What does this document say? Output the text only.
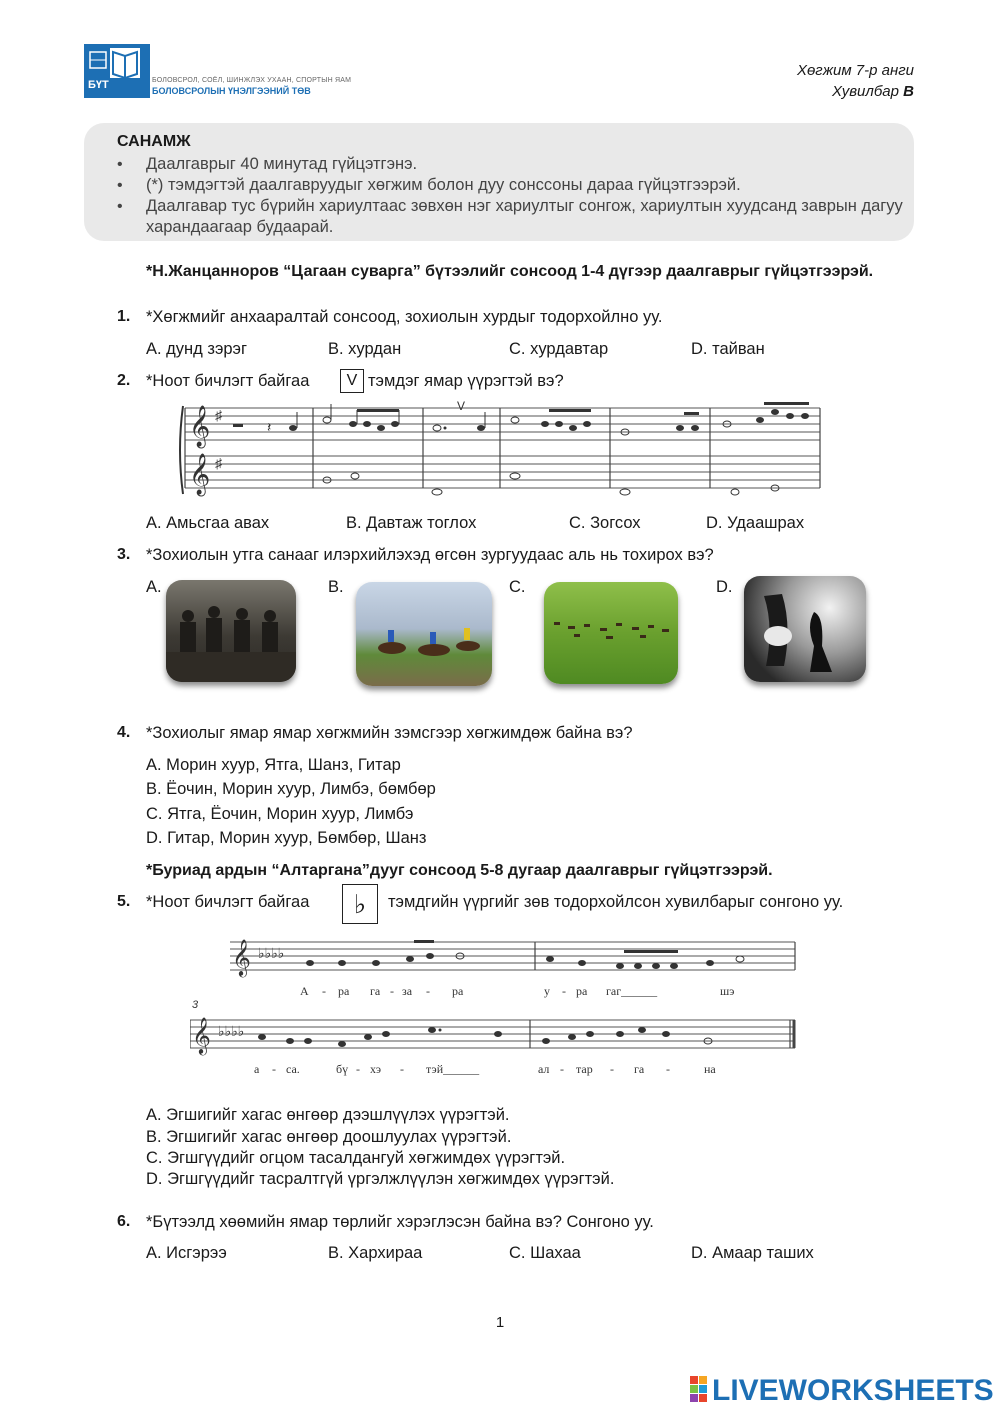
БҮТ	БОЛОВСРОЛ, СОЁЛ, ШИНЖЛЭХ УХААН, СПОРТЫН ЯАМ
БОЛОВСРОЛЫН ҮНЭЛГЭЭНИЙ ТӨВ
Хөгжим 7-р анги
Хувилбар B
САНАМЖ
• Даалгаврыг 40 минутад гүйцэтгэнэ.
• (*) тэмдэгтэй даалгавруудыг хөгжим болон дуу сонссоны дараа гүйцэтгээрэй.
• Даалгавар тус бүрийн хариултаас зөвхөн нэг хариултыг сонгож, хариултын хуудсанд заврын дагуу харандаагаар будаарай.
*Н.Жанцанноров “Цагаан суварга” бүтээлийг сонсоод 1-4 дүгээр даалгаврыг гүйцэтгээрэй.
1. *Хөгжмийг анхааралтай сонсоод, зохиолын хурдыг тодорхойлно уу.
A. дунд зэрэг	B. хурдан	C. хурдавтар	D. тайван
2. *Ноот бичлэгт байгаа	V тэмдэг ямар үүрэгтэй вэ?
𝄞
𝄞
♯
♯
𝄽
V
A. Амьсгаа авах	B. Давтаж тоглох	C. Зогсох	D. Удаашрах
3. *Зохиолын утга санааг илэрхийлэхэд өгсөн зургуудаас аль нь тохирох вэ?
A.	B.	C.	D.
4. *Зохиолыг ямар ямар хөгжмийн зэмсгээр хөгжимдөж байна вэ?
A. Морин хуур, Ятга, Шанз, Гитар
B. Ёочин, Морин хуур, Лимбэ, бөмбөр
C. Ятга, Ёочин, Морин хуур, Лимбэ
D. Гитар, Морин хуур, Бөмбөр, Шанз
*Буриад ардын “Алтаргана”дууг сонсоод 5-8 дугаар даалгаврыг гүйцэтгээрэй.
5. *Ноот бичлэгт байгаа	♭	тэмдгийн үүргийг зөв тодорхойлсон хувилбарыг сонгоно уу.
𝄞
𝄞
♭♭♭♭
♭♭♭♭
3
А - ра га - за - ра	у - ра гаг______	шэ
а - са.	бү - хэ - тэй______	ал - тар - га -	на
A. Эгшигийг хагас өнгөөр дээшлүүлэх үүрэгтэй.
B. Эгшигийг хагас өнгөөр доошлуулах үүрэгтэй.
C. Эгшгүүдийг огцом тасалдангуй хөгжимдөх үүрэгтэй.
D. Эгшгүүдийг тасралтгүй үргэлжлүүлэн хөгжимдөх үүрэгтэй.
6. *Бүтээлд хөөмийн ямар төрлийг хэрэглэсэн байна вэ? Сонгоно уу.
A. Исгэрээ	B. Хархираа	C. Шахаа	D. Амаар таших
1
LIVEWORKSHEETS
